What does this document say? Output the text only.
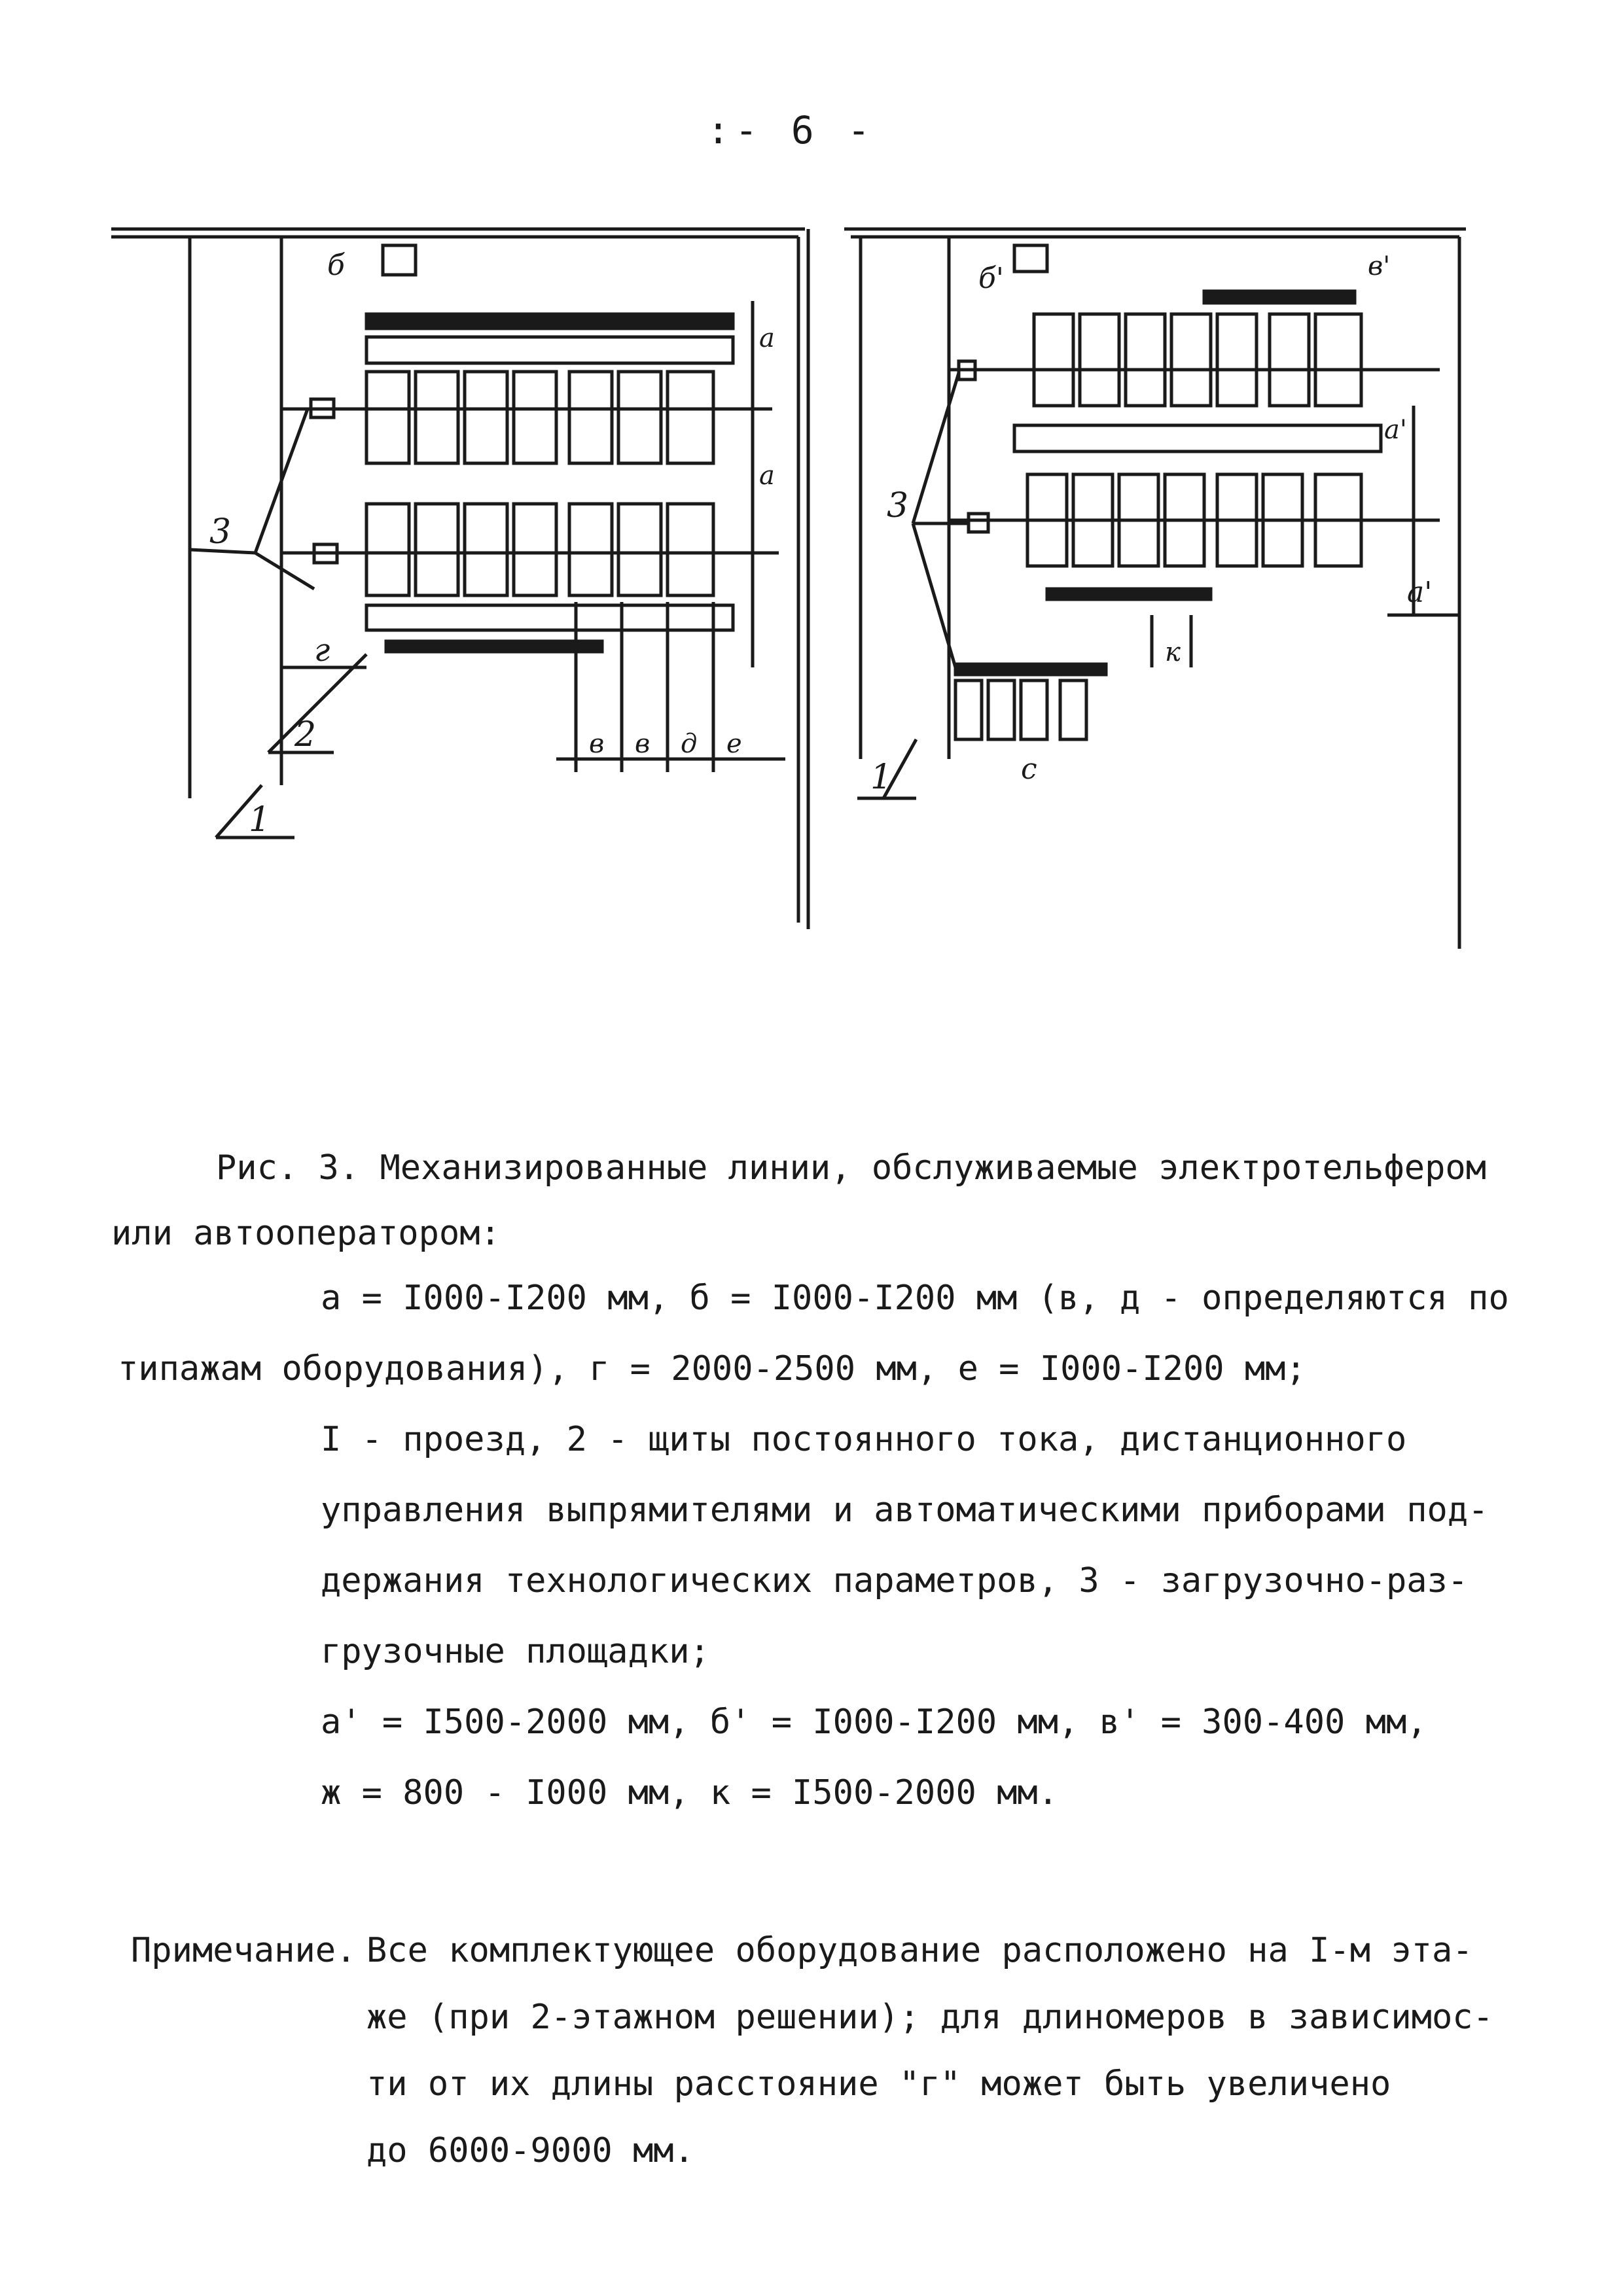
:- 6 -
1
2
3
г
б
a
a
в в д е
1
3
б'	в'
a'
a'
к
c
Рис. 3. Механизированные линии, обслуживаемые электротельфером
или автооператором:
a = I000-I200 мм, б = I000-I200 мм (в, д - определяются по
типажам оборудования), г = 2000-2500 мм, е = I000-I200 мм;
I - проезд, 2 - щиты постоянного тока, дистанционного
управления выпрямителями и автоматическими приборами под-
держания технологических параметров, 3 - загрузочно-раз-
грузочные площадки;
a' = I500-2000 мм, б' = I000-I200 мм, в' = 300-400 мм,
ж = 800 - I000 мм, к = I500-2000 мм.
Примечание. Все комплектующее оборудование расположено на I-м эта-
же (при 2-этажном решении); для длиномеров в зависимос-
ти от их длины расстояние "г" может быть увеличено
до 6000-9000 мм.
